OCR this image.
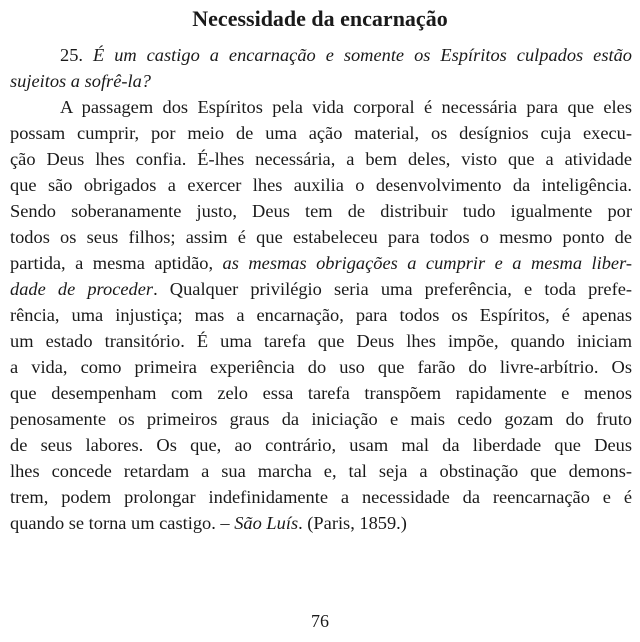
Necessidade da encarnação
25. É um castigo a encarnação e somente os Espíritos culpados estão
sujeitos a sofrê-la?
A passagem dos Espíritos pela vida corporal é necessária para que eles
possam cumprir, por meio de uma ação material, os desígnios cuja execu-
ção Deus lhes confia. É-lhes necessária, a bem deles, visto que a atividade
que são obrigados a exercer lhes auxilia o desenvolvimento da inteligência.
Sendo soberanamente justo, Deus tem de distribuir tudo igualmente por
todos os seus filhos; assim é que estabeleceu para todos o mesmo ponto de
partida, a mesma aptidão, as mesmas obrigações a cumprir e a mesma liber-
dade de proceder. Qualquer privilégio seria uma preferência, e toda prefe-
rência, uma injustiça; mas a encarnação, para todos os Espíritos, é apenas
um estado transitório. É uma tarefa que Deus lhes impõe, quando iniciam
a vida, como primeira experiência do uso que farão do livre-arbítrio. Os
que desempenham com zelo essa tarefa transpõem rapidamente e menos
penosamente os primeiros graus da iniciação e mais cedo gozam do fruto
de seus labores. Os que, ao contrário, usam mal da liberdade que Deus
lhes concede retardam a sua marcha e, tal seja a obstinação que demons-
trem, podem prolongar indefinidamente a necessidade da reencarnação e é
quando se torna um castigo. – São Luís. (Paris, 1859.)
76
